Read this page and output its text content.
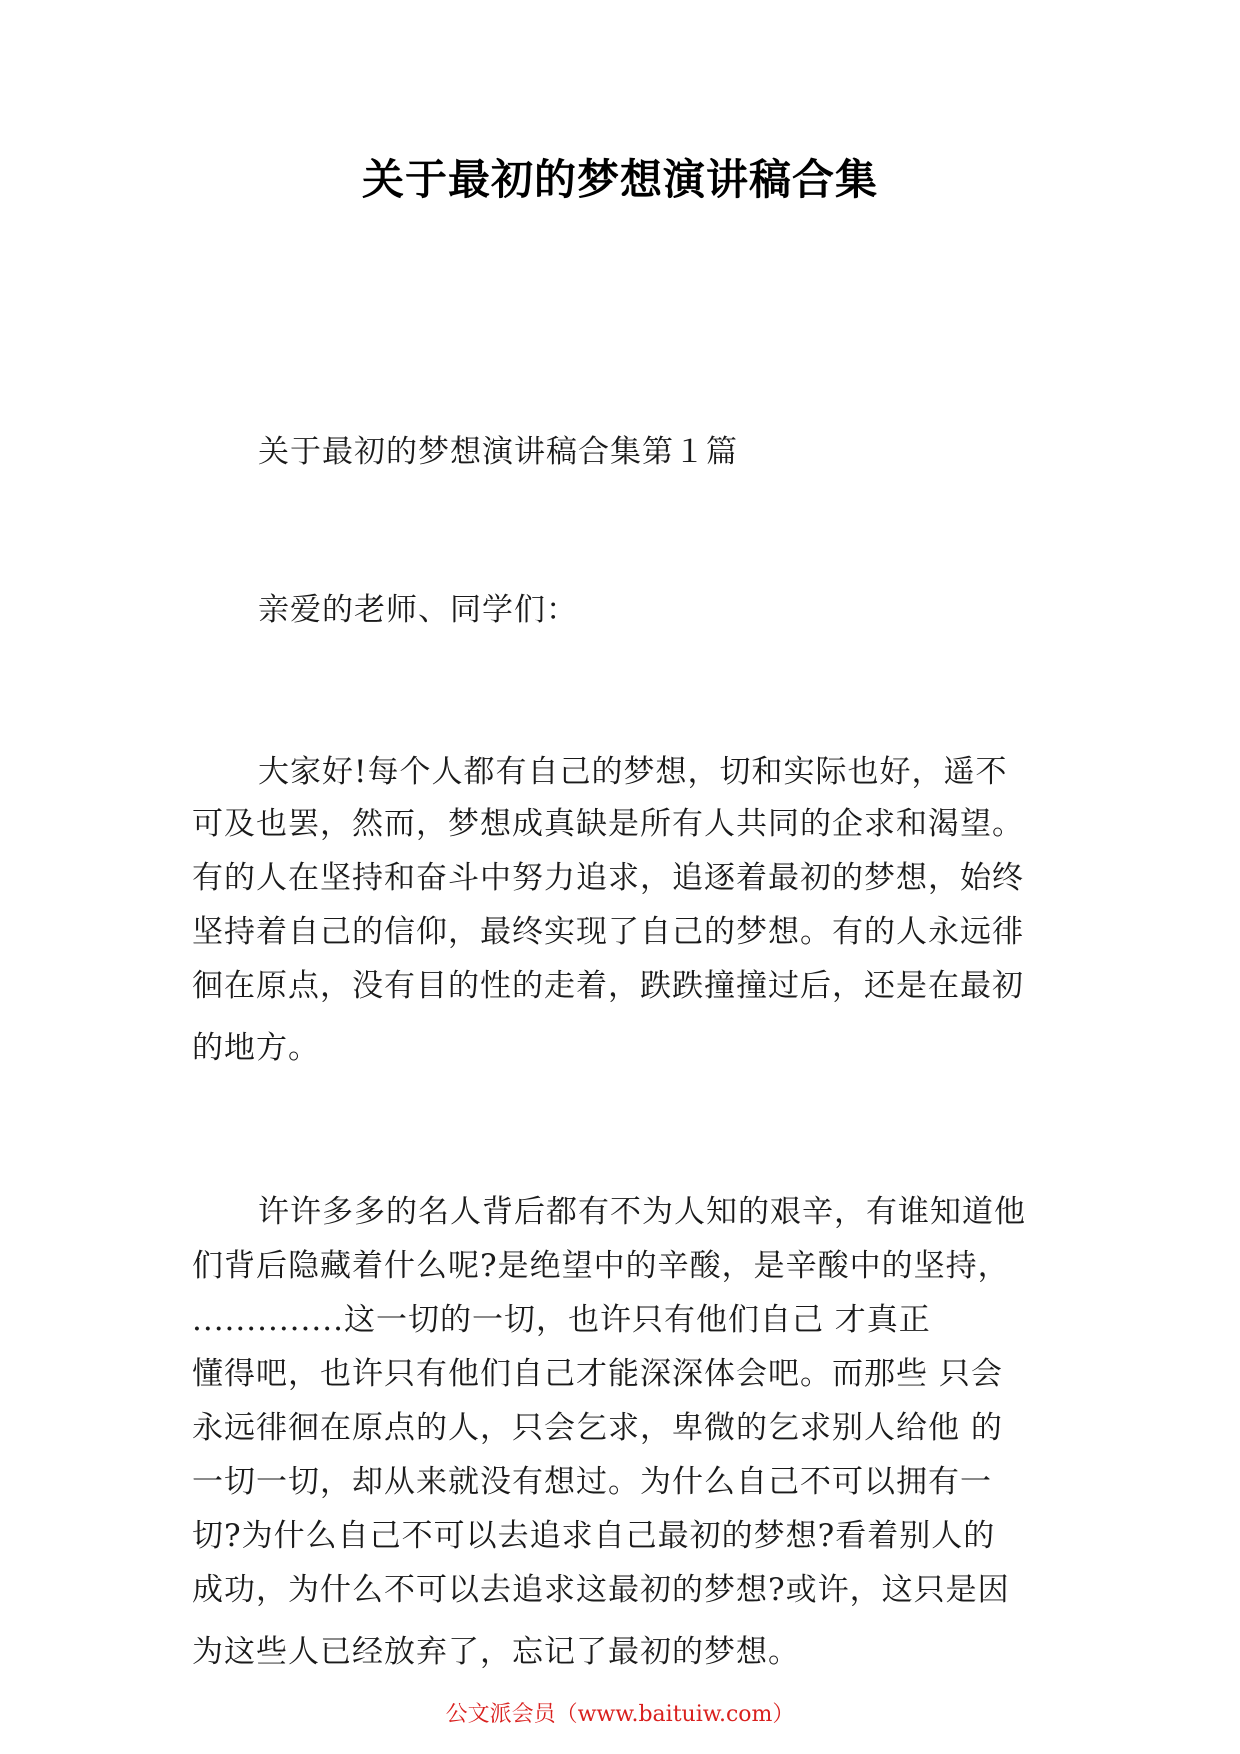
关于最初的梦想演讲稿合集
关于最初的梦想演讲稿合集第１篇
亲爱的老师、同学们：
大家好!每个人都有自己的梦想，切和实际也好，遥不
可及也罢，然而，梦想成真缺是所有人共同的企求和渴望。
有的人在坚持和奋斗中努力追求，追逐着最初的梦想，始终
坚持着自己的信仰，最终实现了自己的梦想。有的人永远徘
徊在原点，没有目的性的走着，跌跌撞撞过后，还是在最初
的地方。
许许多多的名人背后都有不为人知的艰辛，有谁知道他
们背后隐藏着什么呢?是绝望中的辛酸，是辛酸中的坚持，
..............这一切的一切，也许只有他们自己 才真正
懂得吧，也许只有他们自己才能深深体会吧。而那些 只会
永远徘徊在原点的人，只会乞求，卑微的乞求别人给他 的
一切一切，却从来就没有想过。为什么自己不可以拥有一
切?为什么自己不可以去追求自己最初的梦想?看着别人的
成功，为什么不可以去追求这最初的梦想?或许，这只是因
为这些人已经放弃了，忘记了最初的梦想。
公文派会员（www.baituiw.com）
